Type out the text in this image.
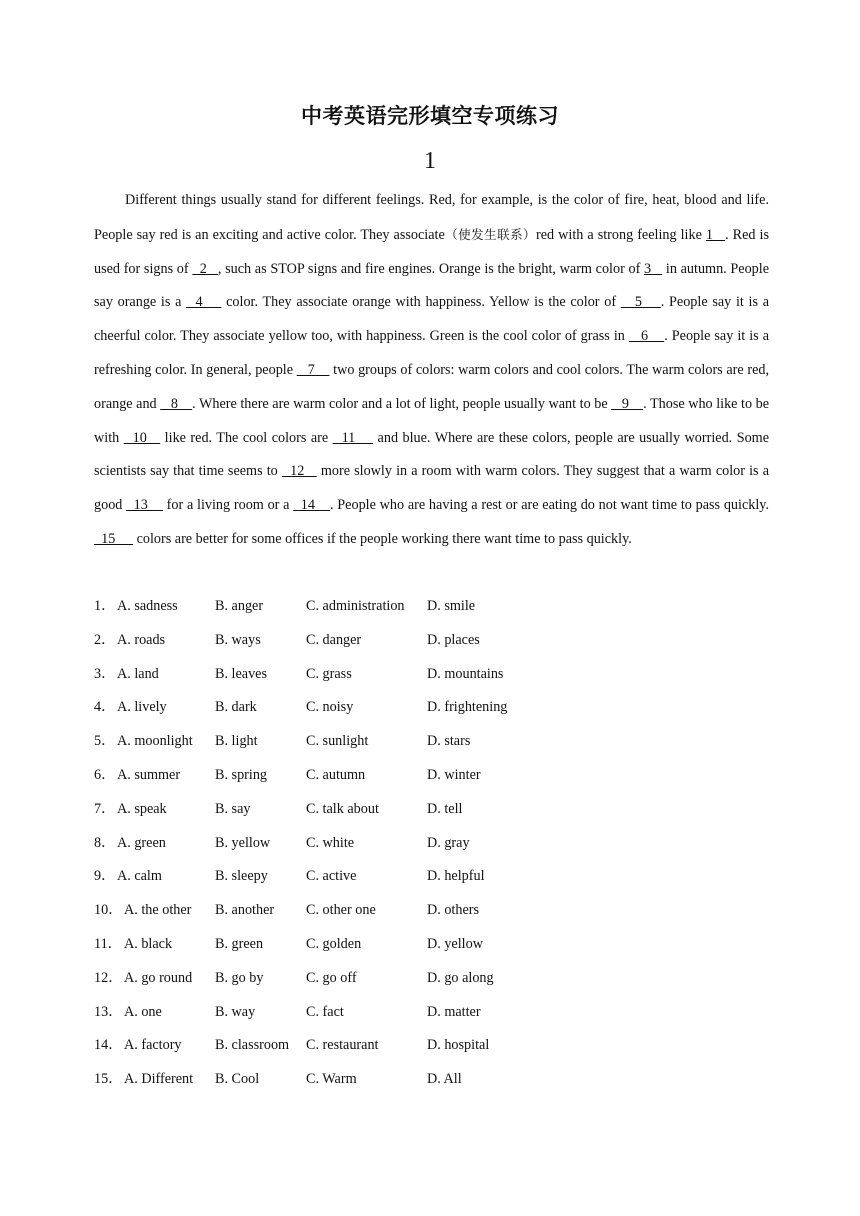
中考英语完形填空专项练习
1
Different things usually stand for different feelings. Red, for example, is the color of fire, heat, blood and life. People say red is an exciting and active color. They associate（使发生联系）red with a strong feeling like 1   . Red is used for signs of   2   , such as STOP signs and fire engines. Orange is the bright, warm color of 3    in autumn. People say orange is a   4     color. They associate orange with happiness. Yellow is the color of    5    . People say it is a cheerful color. They associate yellow too, with happiness. Green is the cool color of grass in    6    . People say it is a refreshing color. In general, people    7     two groups of colors: warm colors and cool colors. The warm colors are red, orange and    8    . Where there are warm color and a lot of light, people usually want to be    9    . Those who like to be with   10    like red. The cool colors are   11     and blue. Where are these colors, people are usually worried. Some scientists say that time seems to   12    more slowly in a room with warm colors. They suggest that a warm color is a good   13     for a living room or a   14    . People who are having a rest or are eating do not want time to pass quickly.   15      colors are better for some offices if the people working there want time to pass quickly.
1． A. sadness	B. anger	C. administration D. smile
2． A. roads	B. ways	C. danger	D. places
3． A. land	B. leaves	C. grass	D. mountains
4． A. lively	B. dark	C. noisy	D. frightening
5． A. moonlight B. light	C. sunlight	D. stars
6． A. summer B. spring	C. autumn	D. winter
7． A. speak	B. say	C. talk about	D. tell
8． A. green	B. yellow	C. white	D. gray
9． A. calm	B. sleepy	C. active	D. helpful
10． A. the other B. another C. other one	D. others
11． A. black	B. green	C. golden	D. yellow
12． A. go round B. go by	C. go off	D. go along
13． A. one	B. way	C. fact	D. matter
14． A. factory B. classroom C. restaurant	D. hospital
15． A. Different B. Cool	C. Warm	D. All
